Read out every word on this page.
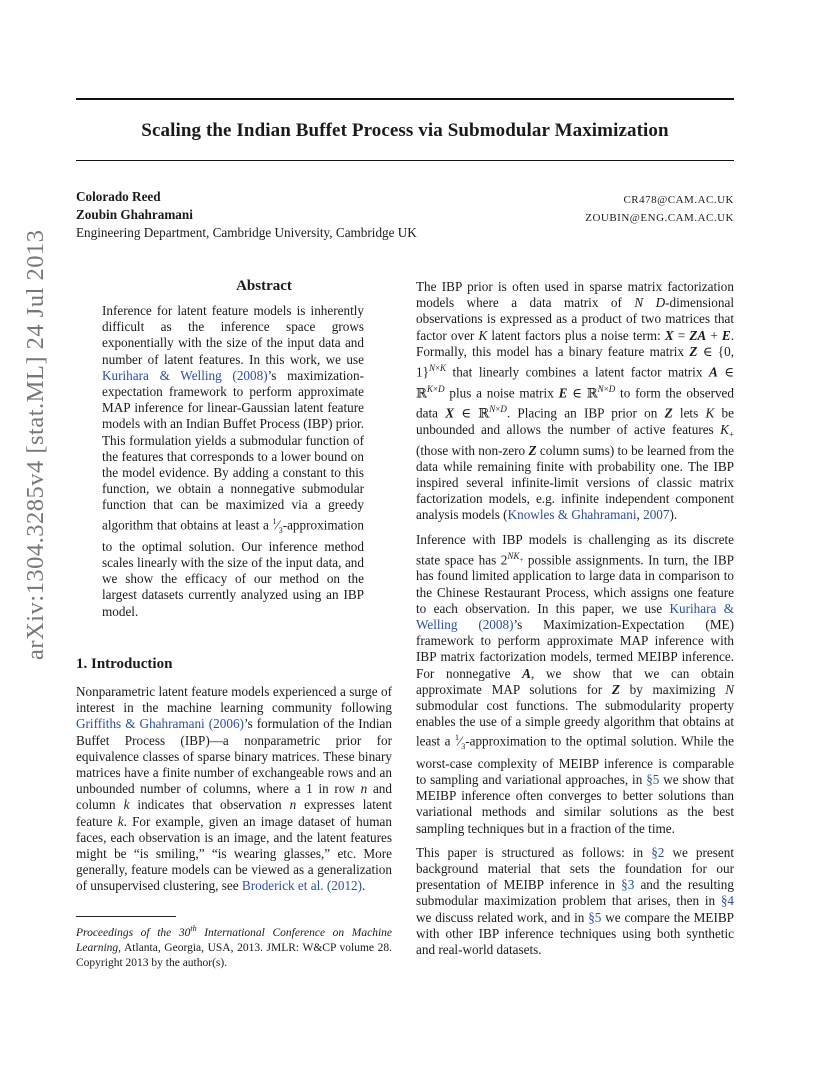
Scaling the Indian Buffet Process via Submodular Maximization
Colorado Reed
Zoubin Ghahramani
CR478@CAM.AC.UK
ZOUBIN@ENG.CAM.AC.UK
Engineering Department, Cambridge University, Cambridge UK
arXiv:1304.3285v4 [stat.ML] 24 Jul 2013	Abstract

Inference for latent feature models is inherently difficult as the inference space grows exponentially with the size of the input data and number of latent features. In this work, we use Kurihara & Welling (2008)’s maximization-expectation framework to perform approximate MAP inference for linear-Gaussian latent feature models with an Indian Buffet Process (IBP) prior. This formulation yields a submodular function of the features that corresponds to a lower bound on the model evidence. By adding a constant to this function, we obtain a nonnegative submodular function that can be maximized via a greedy algorithm that obtains at least a $^1⁄_3$-approximation to the optimal solution. Our inference method scales linearly with the size of the input data, and we show the efficacy of our method on the largest datasets currently analyzed using an IBP model.

1. Introduction

Nonparametric latent feature models experienced a surge of interest in the machine learning community following Griffiths & Ghahramani (2006)’s formulation of the Indian Buffet Process (IBP)—a nonparametric prior for equivalence classes of sparse binary matrices. These binary matrices have a finite number of exchangeable rows and an unbounded number of columns, where a 1 in row n and column k indicates that observation n expresses latent feature k. For example, given an image dataset of human faces, each observation is an image, and the latent features might be “is smiling,” “is wearing glasses,” etc. More generally, feature models can be viewed as a generalization of unsupervised clustering, see Broderick et al. (2012).

Proceedings of the 30th International Conference on Machine Learning, Atlanta, Georgia, USA, 2013. JMLR: W&CP volume 28. Copyright 2013 by the author(s).

The IBP prior is often used in sparse matrix factorization models where a data matrix of N D-dimensional observations is expressed as a product of two matrices that factor over K latent factors plus a noise term: X = ZA + E. Formally, this model has a binary feature matrix Z ∈ {0, 1}$^{N\times K}$ that linearly combines a latent factor matrix A ∈ ℝ$^{K\times D}$ plus a noise matrix E ∈ ℝ$^{N\times D}$ to form the observed data X ∈ ℝ$^{N\times D}$. Placing an IBP prior on Z lets K be unbounded and allows the number of active features $K_+$ (those with non-zero Z column sums) to be learned from the data while remaining finite with probability one. The IBP inspired several infinite-limit versions of classic matrix factorization models, e.g. infinite independent component analysis models (Knowles & Ghahramani, 2007).

Inference with IBP models is challenging as its discrete state space has $2^{NK_+}$ possible assignments. In turn, the IBP has found limited application to large data in comparison to the Chinese Restaurant Process, which assigns one feature to each observation. In this paper, we use Kurihara & Welling (2008)’s Maximization-Expectation (ME) framework to perform approximate MAP inference with IBP matrix factorization models, termed MEIBP inference. For nonnegative A, we show that we can obtain approximate MAP solutions for Z by maximizing N submodular cost functions. The submodularity property enables the use of a simple greedy algorithm that obtains at least a $^1⁄_3$-approximation to the optimal solution. While the worst-case complexity of MEIBP inference is comparable to sampling and variational approaches, in §5 we show that MEIBP inference often converges to better solutions than variational methods and similar solutions as the best sampling techniques but in a fraction of the time.

This paper is structured as follows: in §2 we present background material that sets the foundation for our presentation of MEIBP inference in §3 and the resulting submodular maximization problem that arises, then in §4 we discuss related work, and in §5 we compare the MEIBP with other IBP inference techniques using both synthetic and real-world datasets.
